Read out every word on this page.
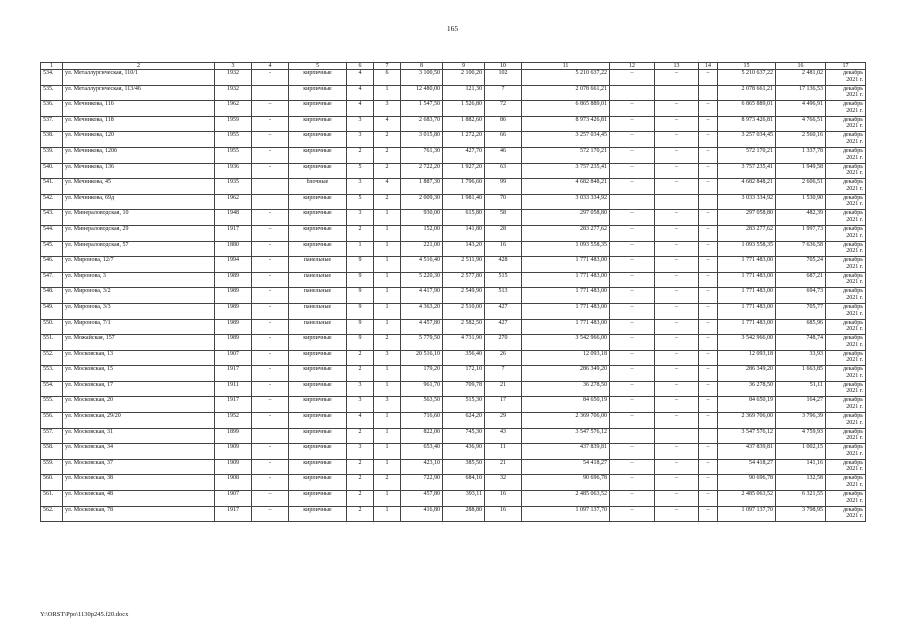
165
1	2	3	4	5	6	7	8	9	10	11	12	13	14	15	16	17
534.	ул. Металлургическая, 110/1	1932	-	кирпичные	4	6	3 100,50	2 100,20	102	5 210 637,22	–	–	–	5 210 637,22	2 481,02	декабрь
2021 г.

535.	ул. Металлургическая, 113/46	1932		кирпичные	4	1	12 480,00	121,30	7	2 078 661,21				2 078 661,21	17 136,53	декабрь
2021 г.

536.	ул. Мечникова, 116	1962	–	кирпичные	4	3	1 547,50	1 526,80	72	6 865 889,01	–	–	–	6 865 889,01	4 496,91	декабрь
2021 г.

537.	ул. Мечникова, 118	1959	-	кирпичные	3	4	2 683,70	1 882,60	86	8 973 426,81	–	–	–	8 973 426,81	4 766,51	декабрь
2021 г.

538.	ул. Мечникова, 120	1955	–	кирпичные	3	2	3 015,80	1 272,20	66	3 257 034,45	–	–	–	3 257 034,45	2 560,16	декабрь
2021 г.

539.	ул. Мечникова, 120б	1955	-	кирпичные	2	2	761,30	427,70	46	572 170,21	–	–	–	572 170,21	1 337,78	декабрь
2021 г.

540.	ул. Мечникова, 136	1936	-	кирпичные	5	2	2 722,20	1 927,20	63	3 757 235,41	–	–	–	3 757 235,41	1 949,58	декабрь
2021 г.

541.	ул. Мечникова, 45	1935		блочные	3	4	1 887,30	1 796,60	99	4 682 848,21	–	–	–	4 682 848,21	2 606,51	декабрь
2021 г.

542.	ул. Мечникова, 69д	1962		кирпичные	5	2	2 009,30	1 981,40	70	3 033 334,92				3 033 334,92	1 530,90	декабрь
2021 г.

543.	ул. Минераловодская, 10	1948	-	кирпичные	3	1	930,00	615,80	58	297 058,80	–	–	–	297 058,80	482,39	декабрь
2021 г.

544.	ул. Минераловодская, 29	1917	–	кирпичные	2	1	152,00	141,80	28	283 277,62	–	–	–	283 277,62	1 997,73	декабрь
2021 г.

545.	ул. Минераловодская, 57	1880	-	кирпичные	1	1	221,00	143,20	16	1 093 558,35	–	–	–	1 093 558,35	7 636,58	декабрь
2021 г.

546.	ул. Миронова, 12/7	1994	-	панельные	9	1	4 516,40	2 511,90	428	1 771 483,00	–	–	–	1 771 483,00	705,24	декабрь
2021 г.

547.	ул. Миронова, 3	1989	-	панельные	9	1	5 220,30	2 577,80	515	1 771 483,00	–	–	–	1 771 483,00	687,21	декабрь
2021 г.

548.	ул. Миронова, 3/2	1989	-	панельные	9	1	4 417,90	2 549,90	513	1 771 483,00	–	–	–	1 771 483,00	694,73	декабрь
2021 г.

549.	ул. Миронова, 3/3	1989	-	панельные	9	1	4 363,20	2 510,00	427	1 771 483,00	–	–	–	1 771 483,00	705,77	декабрь
2021 г.

550.	ул. Миронова, 7/1	1989	-	панельные	9	1	4 457,80	2 582,50	427	1 771 483,00	–	–	–	1 771 483,00	685,96	декабрь
2021 г.

551.	ул. Можайская, 157	1989	-	кирпичные	9	2	5 779,50	4 731,90	270	3 542 966,00	–	–	–	3 542 966,00	748,74	декабрь
2021 г.

552.	ул. Московская, 13	1907	-	кирпичные	2	3	20 516,10	356,40	26	12 093,18	–	–	–	12 093,18	33,93	декабрь
2021 г.

553.	ул. Московская, 15	1917	-	кирпичные	2	1	179,20	172,10	7	286 349,20	–	–	–	286 349,20	1 663,85	декабрь
2021 г.

554.	ул. Московская, 17	1911	-	кирпичные	3	1	961,70	709,78	21	36 278,50	–	–	–	36 278,50	51,11	декабрь
2021 г.

555.	ул. Московская, 20	1917	–	кирпичные	3	3	563,50	515,30	17	84 650,19	–	–	–	84 650,19	164,27	декабрь
2021 г.

556.	ул. Московская, 29/20	1952	-	кирпичные	4	1	716,60	624,20	29	2 369 706,00	–	–	–	2 369 706,00	3 796,39	декабрь
2021 г.

557.	ул. Московская, 31	1899		кирпичные	2	1	822,00	745,30	43	3 547 576,12				3 547 576,12	4 759,93	декабрь
2021 г.

558.	ул. Московская, 34	1909	-	кирпичные	3	1	653,40	436,90	11	437 839,81	–	–	–	437 839,81	1 002,15	декабрь
2021 г.

559.	ул. Московская, 37	1909	-	кирпичные	2	1	423,10	385,50	21	54 418,27	–	–	–	54 418,27	141,16	декабрь
2021 г.

560.	ул. Московская, 38	1908	-	кирпичные	2	2	722,90	684,10	32	90 696,78	–	–	–	90 696,78	132,58	декабрь
2021 г.

561.	ул. Московская, 48	1907	–	кирпичные	2	1	457,80	393,11	16	2 485 063,52	–	–	–	2 485 063,52	6 321,55	декабрь
2021 г.

562.	ул. Московская, 78	1917	–	кирпичные	2	1	416,80	288,80	16	1 097 137,70	–	–	–	1 097 137,70	3 798,95	декабрь
2021 г.
Y:\ORST\Ppo\1130p245.f20.docx
